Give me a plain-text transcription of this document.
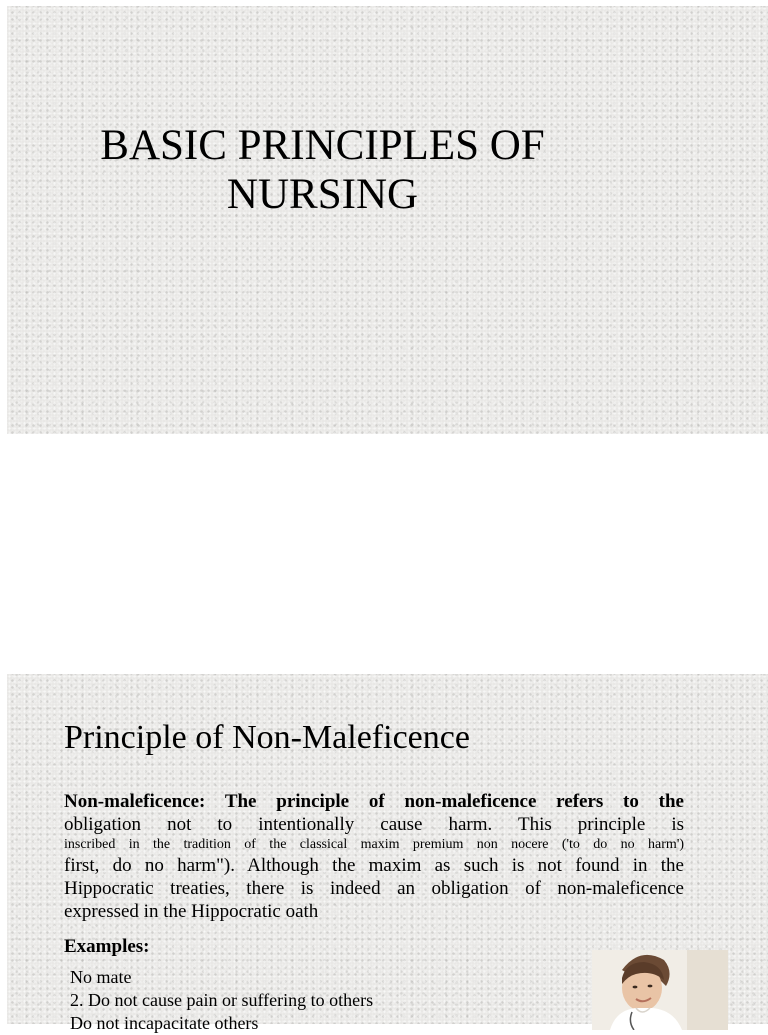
BASIC PRINCIPLES OF
NURSING
Principle of Non-Maleficence
Non-maleficence: The principle of non-maleficence refers to the
obligation not to intentionally cause harm. This principle is
inscribed in the tradition of the classical maxim premium non nocere ('to do no harm')
first, do no harm"). Although the maxim as such is not found in the
Hippocratic treaties, there is indeed an obligation of non-maleficence
expressed in the Hippocratic oath

Examples:

No mate
2. Do not cause pain or suffering to others
Do not incapacitate others
